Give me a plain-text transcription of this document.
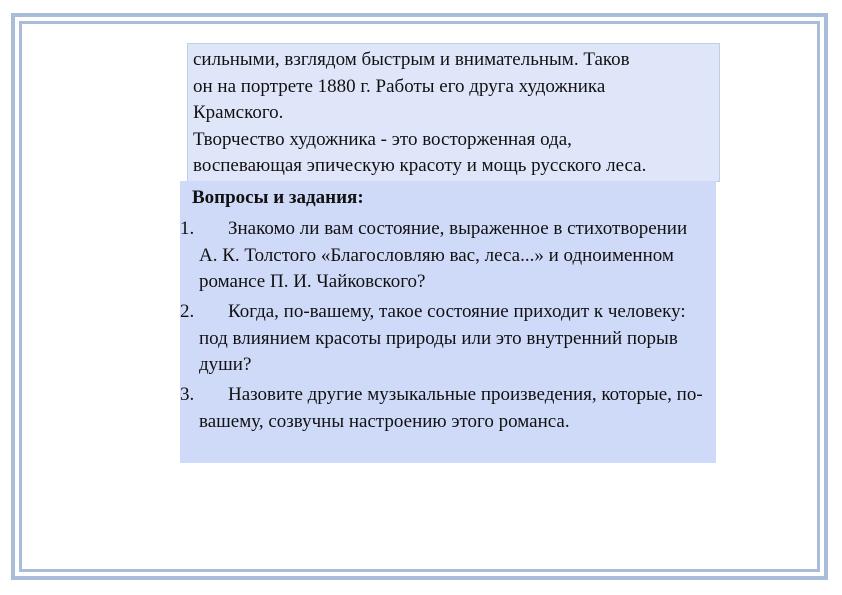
сильными, взглядом быстрым и внимательным. Таков

он на портрете 1880 г. Работы его друга художника

Крамского.

Творчество художника - это восторженная ода,

воспевающая эпическую красоту и мощь русского леса.

Вопросы и задания:

1.	Знакомо ли вам состояние, выраженное в стихотворении А. К. Толстого «Благословляю вас, леса...» и одноименном романсе П. И. Чайковского?

2.	Когда, по-вашему, такое состояние приходит к человеку: под влиянием красоты природы или это внутренний порыв души?

3.	Назовите другие музыкальные произведения, которые, по-вашему, созвучны настроению этого романса.
